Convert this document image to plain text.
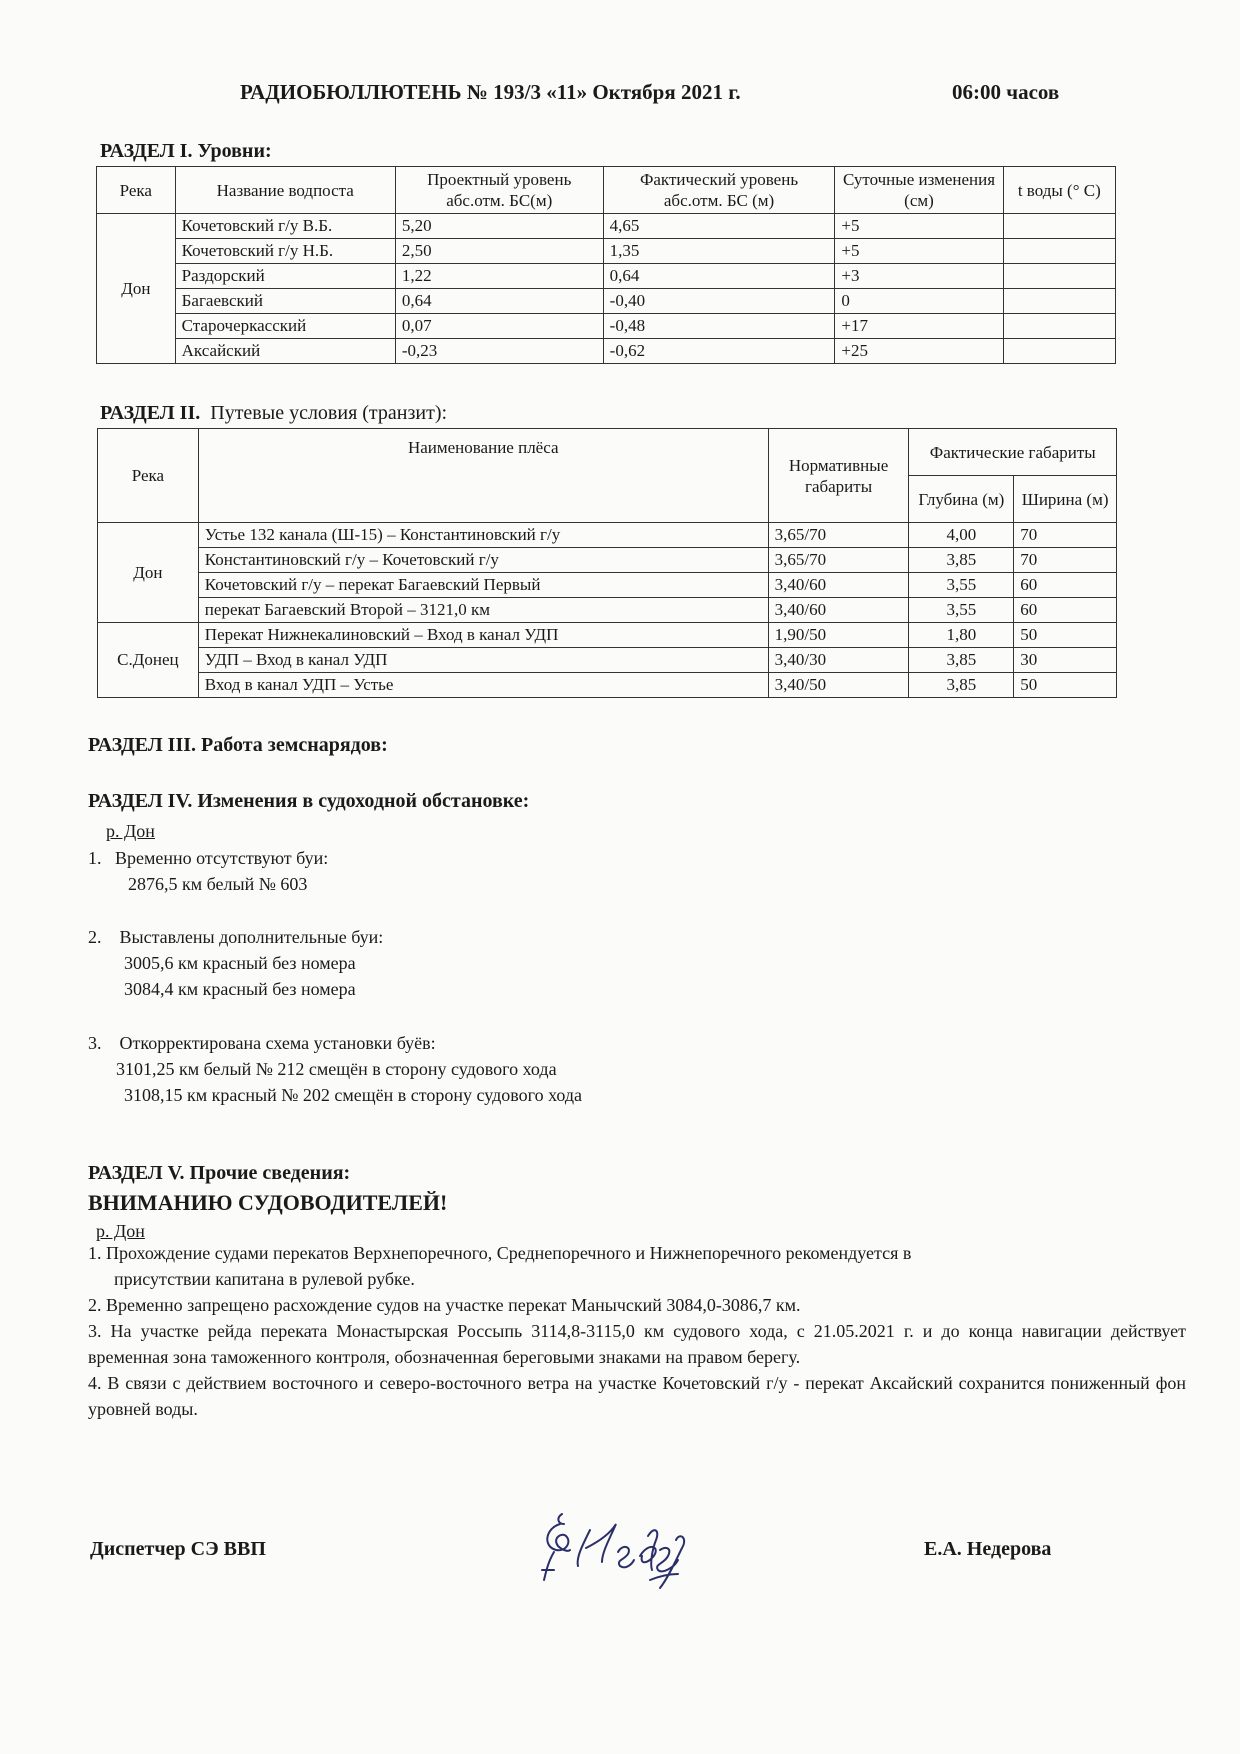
РАДИОБЮЛЛЮТЕНЬ № 193/3 «11» Октября 2021 г.	06:00 часов
РАЗДЕЛ I. Уровни:
Река	Название водпоста	Проектный уровень абс.отм. БС(м)	Фактический уровень абс.отм. БС (м)	Суточные изменения (см)	t воды (° С)
Дон	Кочетовский г/у В.Б.	5,20	4,65	+5	
	Кочетовский г/у Н.Б.	2,50	1,35	+5	
	Раздорский	1,22	0,64	+3	
	Багаевский	0,64	-0,40	0	
	Старочеркасский	0,07	-0,48	+17	
	Аксайский	-0,23	-0,62	+25	
РАЗДЕЛ II. Путевые условия (транзит):
Река	Наименование плёса	Нормативные габариты	Фактические габариты	
			Глубина (м)	Ширина (м)
Дон	Устье 132 канала (Ш-15) – Константиновский г/у	3,65/70	4,00	70
	Константиновский г/у – Кочетовский г/у	3,65/70	3,85	70
	Кочетовский г/у – перекат Багаевский Первый	3,40/60	3,55	60
	перекат Багаевский Второй – 3121,0 км	3,40/60	3,55	60
С.Донец	Перекат Нижнекалиновский – Вход в канал УДП	1,90/50	1,80	50
	УДП – Вход в канал УДП	3,40/30	3,85	30
	Вход в канал УДП – Устье	3,40/50	3,85	50
РАЗДЕЛ III. Работа земснарядов:
РАЗДЕЛ IV. Изменения в судоходной обстановке:
р. Дон
1. Временно отсутствуют буи:
2876,5 км белый № 603
2. Выставлены дополнительные буи:
3005,6 км красный без номера
3084,4 км красный без номера
3. Откорректирована схема установки буёв:
3101,25 км белый № 212 смещён в сторону судового хода
3108,15 км красный № 202 смещён в сторону судового хода
РАЗДЕЛ V. Прочие сведения:
ВНИМАНИЮ СУДОВОДИТЕЛЕЙ!
р. Дон

1. Прохождение судами перекатов Верхнепоречного, Среднепоречного и Нижнепоречного рекомендуется в

присутствии капитана в рулевой рубке.

2. Временно запрещено расхождение судов на участке перекат Манычский 3084,0-3086,7 км.

3. На участке рейда переката Монастырская Россыпь 3114,8-3115,0 км судового хода, с 21.05.2021 г. и до конца навигации действует временная зона таможенного контроля, обозначенная береговыми знаками на правом берегу.

4. В связи с действием восточного и северо-восточного ветра на участке Кочетовский г/у - перекат Аксайский сохранится пониженный фон уровней воды.

Диспетчер СЭ ВВП	Е.А. Недерова
